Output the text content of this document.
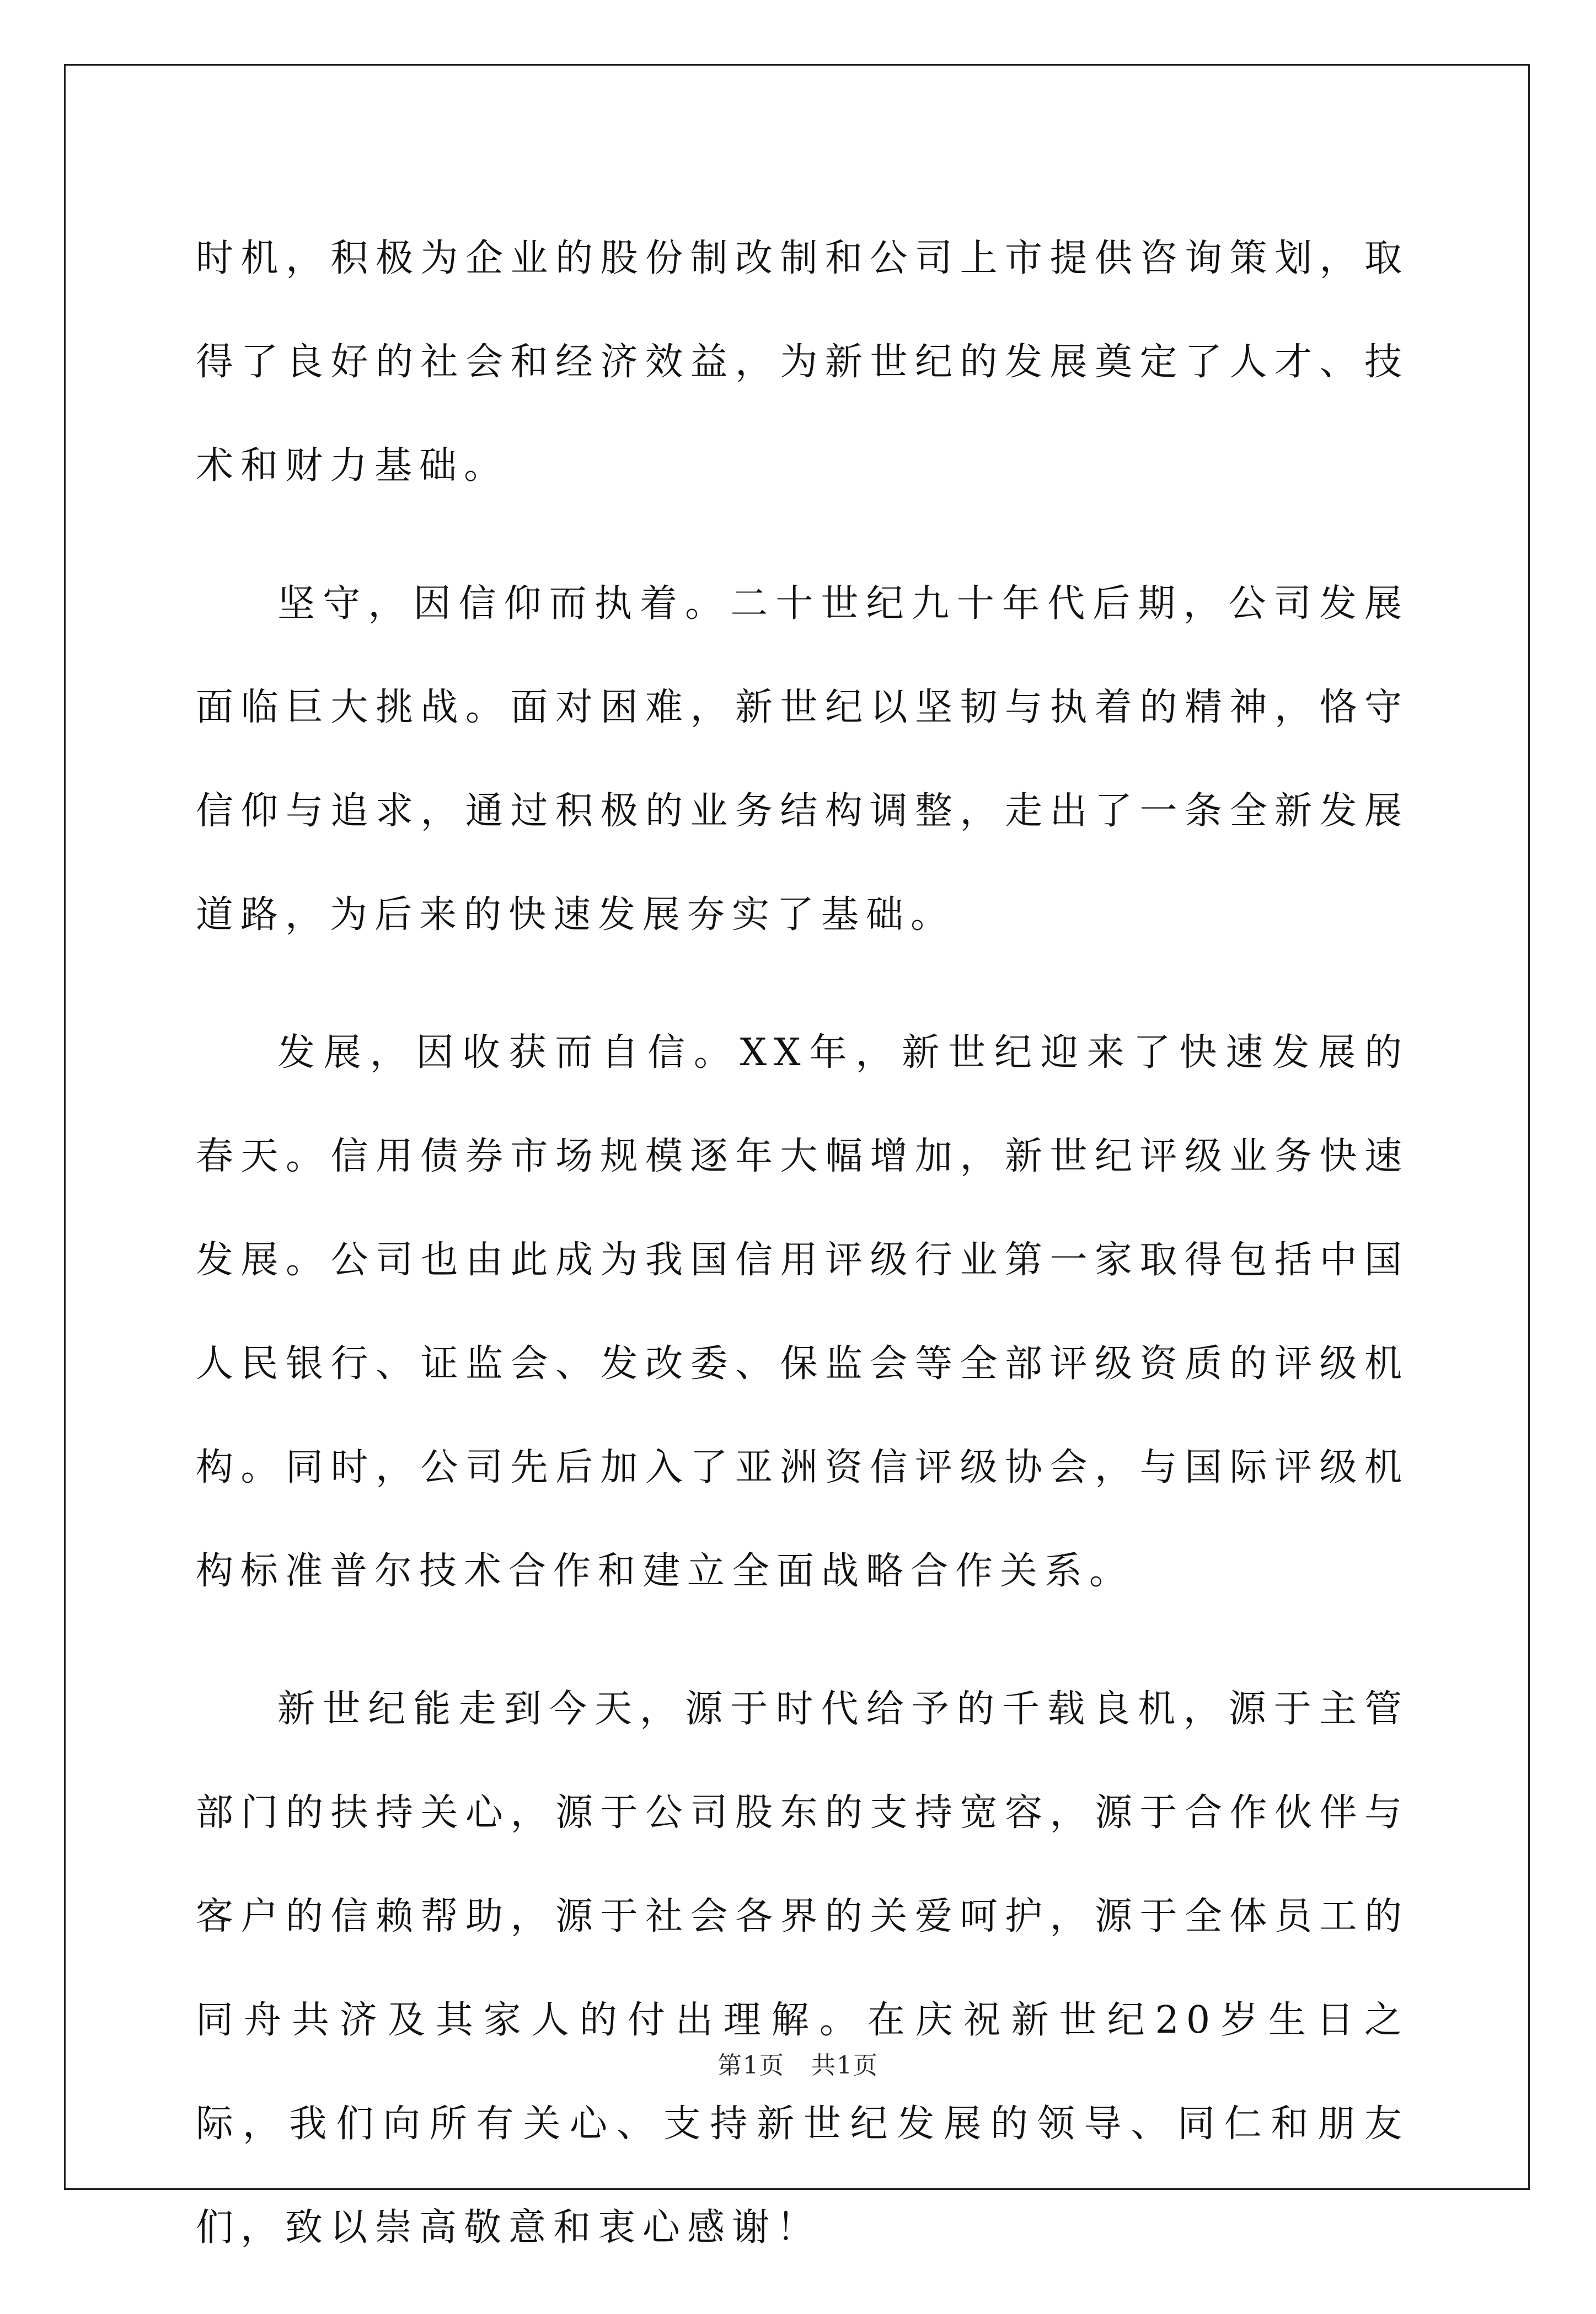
时机，积极为企业的股份制改制和公司上市提供咨询策划，取得了良好的社会和经济效益，为新世纪的发展奠定了人才、技术和财力基础。

坚守，因信仰而执着。二十世纪九十年代后期，公司发展面临巨大挑战。面对困难，新世纪以坚韧与执着的精神，恪守信仰与追求，通过积极的业务结构调整，走出了一条全新发展道路，为后来的快速发展夯实了基础。

发展，因收获而自信。XX年，新世纪迎来了快速发展的春天。信用债券市场规模逐年大幅增加，新世纪评级业务快速发展。公司也由此成为我国信用评级行业第一家取得包括中国人民银行、证监会、发改委、保监会等全部评级资质的评级机构。同时，公司先后加入了亚洲资信评级协会，与国际评级机构标准普尔技术合作和建立全面战略合作关系。

新世纪能走到今天，源于时代给予的千载良机，源于主管部门的扶持关心，源于公司股东的支持宽容，源于合作伙伴与客户的信赖帮助，源于社会各界的关爱呵护，源于全体员工的同舟共济及其家人的付出理解。在庆祝新世纪20岁生日之际，我们向所有关心、支持新世纪发展的领导、同仁和朋友们，致以崇高敬意和衷心感谢！

第1页 共1页
